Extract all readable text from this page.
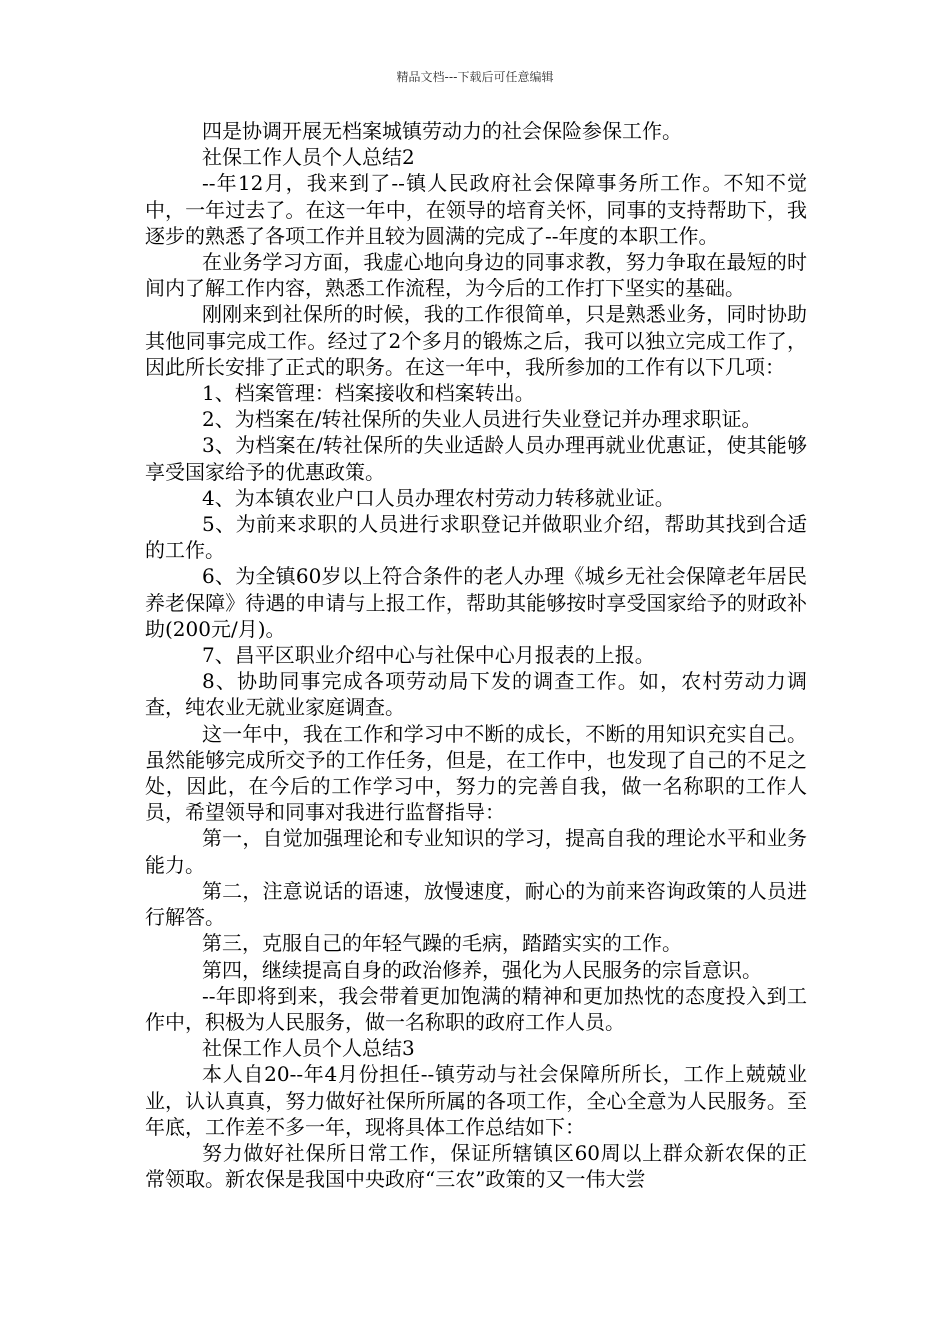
精品文档---下载后可任意编辑

四是协调开展无档案城镇劳动力的社会保险参保工作。

社保工作人员个人总结2

--年12月，我来到了--镇人民政府社会保障事务所工作。不知不觉中，一年过去了。在这一年中，在领导的培育关怀，同事的支持帮助下，我逐步的熟悉了各项工作并且较为圆满的完成了--年度的本职工作。

在业务学习方面，我虚心地向身边的同事求教，努力争取在最短的时间内了解工作内容，熟悉工作流程，为今后的工作打下坚实的基础。

刚刚来到社保所的时候，我的工作很简单，只是熟悉业务，同时协助其他同事完成工作。经过了2个多月的锻炼之后，我可以独立完成工作了，因此所长安排了正式的职务。在这一年中，我所参加的工作有以下几项：

1、档案管理：档案接收和档案转出。

2、为档案在/转社保所的失业人员进行失业登记并办理求职证。

3、为档案在/转社保所的失业适龄人员办理再就业优惠证，使其能够享受国家给予的优惠政策。

4、为本镇农业户口人员办理农村劳动力转移就业证。

5、为前来求职的人员进行求职登记并做职业介绍，帮助其找到合适的工作。

6、为全镇60岁以上符合条件的老人办理《城乡无社会保障老年居民养老保障》待遇的申请与上报工作，帮助其能够按时享受国家给予的财政补助(200元/月)。

7、昌平区职业介绍中心与社保中心月报表的上报。

8、协助同事完成各项劳动局下发的调查工作。如，农村劳动力调查，纯农业无就业家庭调查。

这一年中，我在工作和学习中不断的成长，不断的用知识充实自己。虽然能够完成所交予的工作任务，但是，在工作中，也发现了自己的不足之处，因此，在今后的工作学习中，努力的完善自我，做一名称职的工作人员，希望领导和同事对我进行监督指导：

第一，自觉加强理论和专业知识的学习，提高自我的理论水平和业务能力。

第二，注意说话的语速，放慢速度，耐心的为前来咨询政策的人员进行解答。

第三，克服自己的年轻气躁的毛病，踏踏实实的工作。

第四，继续提高自身的政治修养，强化为人民服务的宗旨意识。

--年即将到来，我会带着更加饱满的精神和更加热忱的态度投入到工作中，积极为人民服务，做一名称职的政府工作人员。

社保工作人员个人总结3

本人自20--年4月份担任--镇劳动与社会保障所所长，工作上兢兢业业，认认真真，努力做好社保所所属的各项工作，全心全意为人民服务。至年底，工作差不多一年，现将具体工作总结如下：

努力做好社保所日常工作，保证所辖镇区60周以上群众新农保的正常领取。新农保是我国中央政府“三农”政策的又一伟大尝
